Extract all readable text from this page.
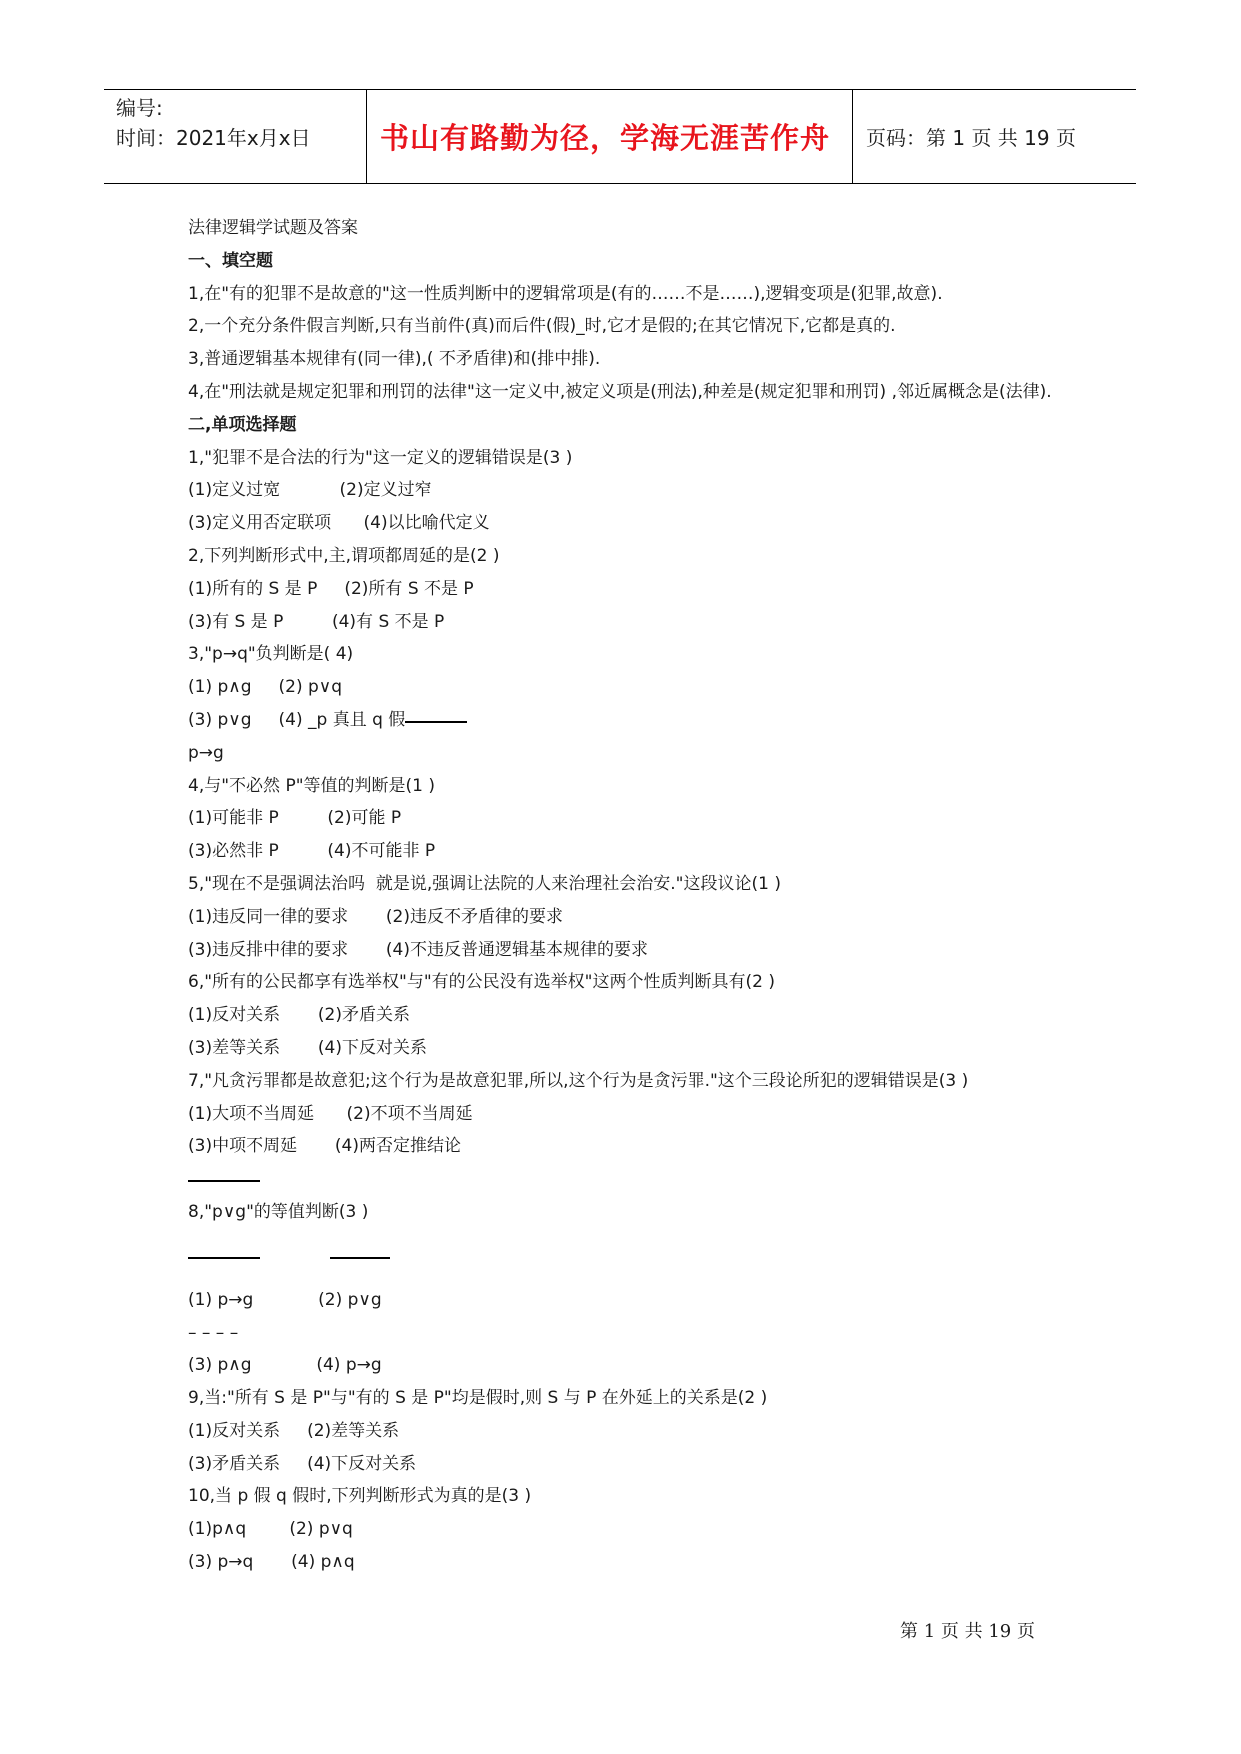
编号:
时间：2021年x月x日	书山有路勤为径，学海无涯苦作舟	页码：第 1 页 共 19 页
法律逻辑学试题及答案
一、填空题
1,在"有的犯罪不是故意的"这一性质判断中的逻辑常项是(有的……不是……),逻辑变项是(犯罪,故意).
2,一个充分条件假言判断,只有当前件(真)而后件(假)_时,它才是假的;在其它情况下,它都是真的.
3,普通逻辑基本规律有(同一律),( 不矛盾律)和(排中排).
4,在"刑法就是规定犯罪和刑罚的法律"这一定义中,被定义项是(刑法),种差是(规定犯罪和刑罚) ,邻近属概念是(法律).
二,单项选择题
1,"犯罪不是合法的行为"这一定义的逻辑错误是(3 )
(1)定义过宽           (2)定义过窄
(3)定义用否定联项      (4)以比喻代定义
2,下列判断形式中,主,谓项都周延的是(2 )
(1)所有的 S 是 P     (2)所有 S 不是 P
(3)有 S 是 P         (4)有 S 不是 P
3,"p→q"负判断是( 4)
(1) p∧g     (2) p∨q
(3) p∨g     (4) _p 真且 q 假
p→g
4,与"不必然 P"等值的判断是(1 )
(1)可能非 P         (2)可能 P
(3)必然非 P         (4)不可能非 P
5,"现在不是强调法治吗  就是说,强调让法院的人来治理社会治安."这段议论(1 )
(1)违反同一律的要求       (2)违反不矛盾律的要求
(3)违反排中律的要求       (4)不违反普通逻辑基本规律的要求
6,"所有的公民都享有选举权"与"有的公民没有选举权"这两个性质判断具有(2 )
(1)反对关系       (2)矛盾关系
(3)差等关系       (4)下反对关系
7,"凡贪污罪都是故意犯;这个行为是故意犯罪,所以,这个行为是贪污罪."这个三段论所犯的逻辑错误是(3 )
(1)大项不当周延      (2)不项不当周延
(3)中项不周延       (4)两否定推结论
8,"p∨g"的等值判断(3 )
(1) p→g            (2) p∨g
– – – –
(3) p∧g            (4) p→g
9,当:"所有 S 是 P"与"有的 S 是 P"均是假时,则 S 与 P 在外延上的关系是(2 )
(1)反对关系     (2)差等关系
(3)矛盾关系     (4)下反对关系
10,当 p 假 q 假时,下列判断形式为真的是(3 )
(1)p∧q        (2) p∨q
(3) p→q       (4) p∧q
第 1 页 共 19 页
